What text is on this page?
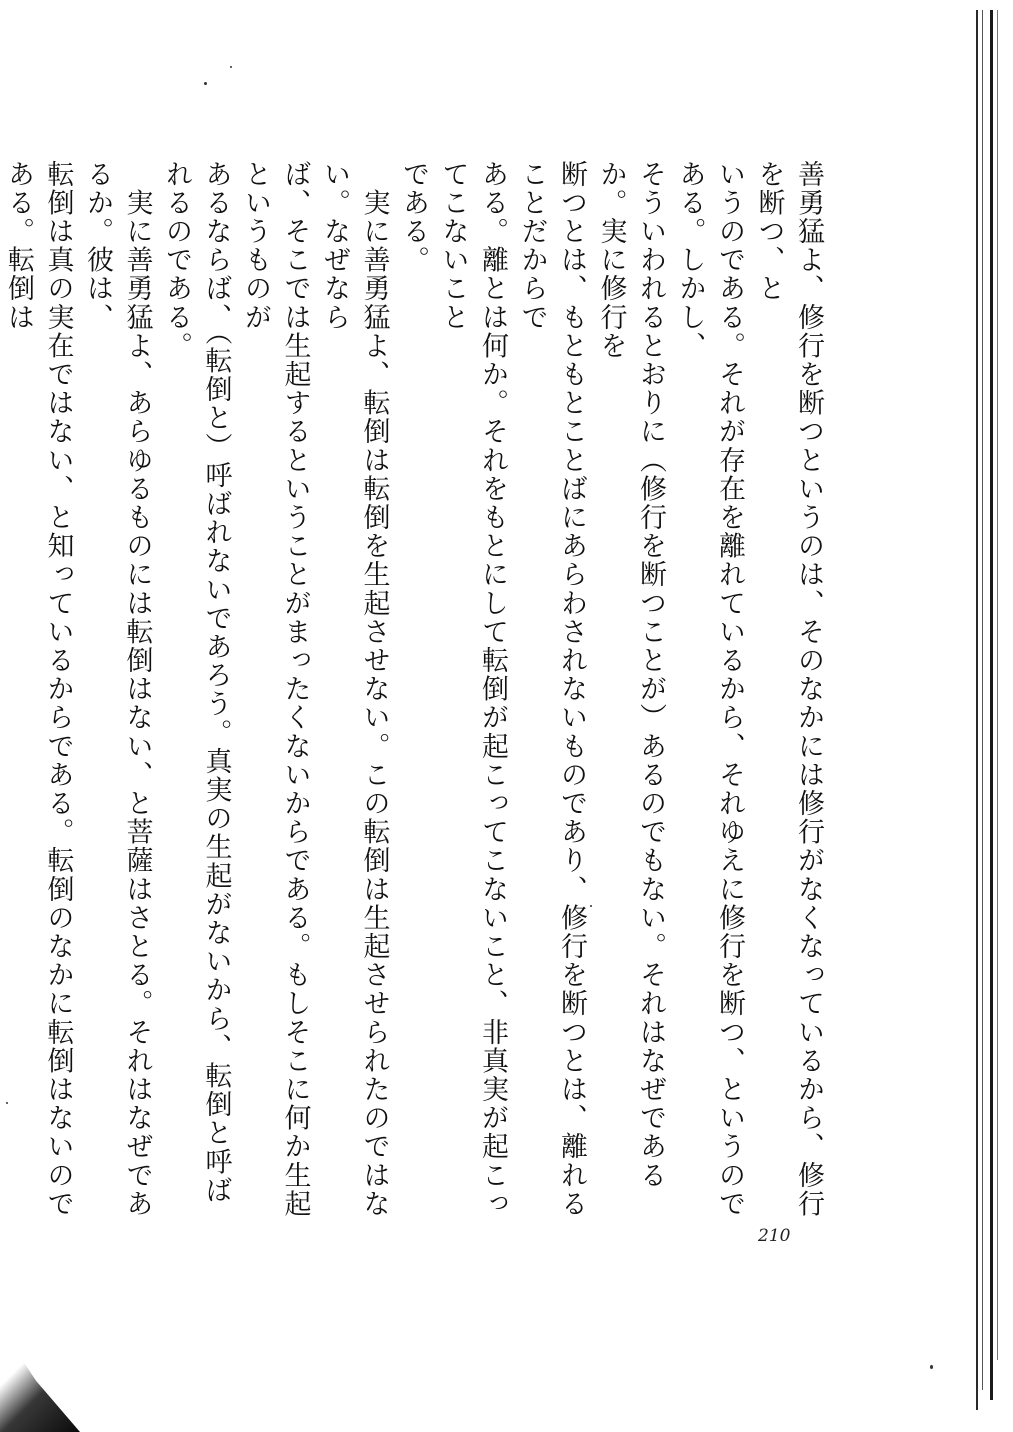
善勇猛よ、修行を断つというのは、そのなかには修行がなくなっているから、修行を断つ、と

いうのである。それが存在を離れているから、それゆえに修行を断つ、というのである。しかし、

そういわれるとおりに（修行を断つことが）あるのでもない。それはなぜであるか。実に修行を

断つとは、もともとことばにあらわされないものであり、修行を断つとは、離れることだからで

ある。離とは何か。それをもとにして転倒が起こってこないこと、非真実が起こってこないこと

である。

　実に善勇猛よ、転倒は転倒を生起させない。この転倒は生起させられたのではない。なぜなら

ば、そこでは生起するということがまったくないからである。もしそこに何か生起というものが

あるならば、（転倒と）呼ばれないであろう。真実の生起がないから、転倒と呼ばれるのである。

　実に善勇猛よ、あらゆるものには転倒はない、と菩薩はさとる。それはなぜであるか。彼は、

転倒は真の実在ではない、と知っているからである。転倒のなかに転倒はないのである。転倒は

210
